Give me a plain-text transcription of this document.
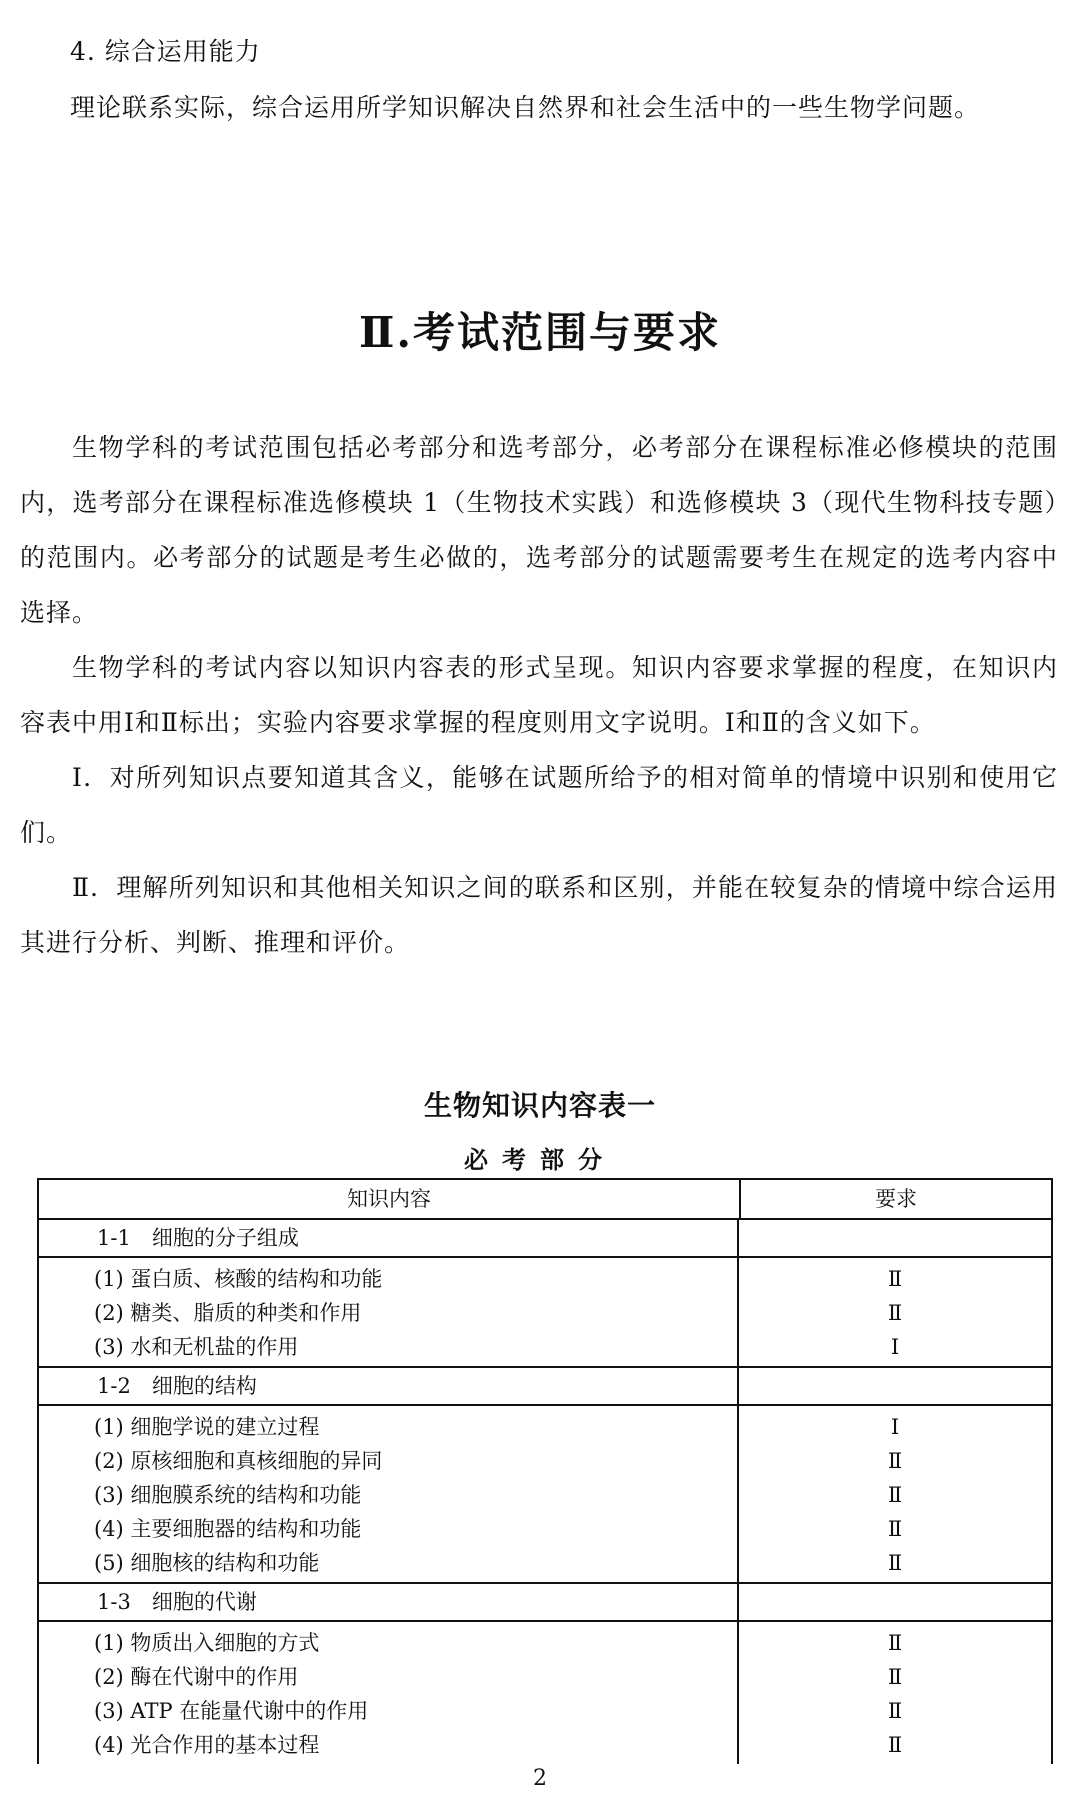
4. 综合运用能力
理论联系实际，综合运用所学知识解决自然界和社会生活中的一些生物学问题。
Ⅱ.考试范围与要求

生物学科的考试范围包括必考部分和选考部分，必考部分在课程标准必修模块的范围内，选考部分在课程标准选修模块 1（生物技术实践）和选修模块 3（现代生物科技专题）的范围内。必考部分的试题是考生必做的，选考部分的试题需要考生在规定的选考内容中选择。

生物学科的考试内容以知识内容表的形式呈现。知识内容要求掌握的程度，在知识内容表中用Ⅰ和Ⅱ标出；实验内容要求掌握的程度则用文字说明。Ⅰ和Ⅱ的含义如下。

Ⅰ．对所列知识点要知道其含义，能够在试题所给予的相对简单的情境中识别和使用它们。

Ⅱ．理解所列知识和其他相关知识之间的联系和区别，并能在较复杂的情境中综合运用其进行分析、判断、推理和评价。

生物知识内容表一
必考部分
知识内容	要求
1-1　细胞的分子组成
(1) 蛋白质、核酸的结构和功能
(2) 糖类、脂质的种类和作用
(3) 水和无机盐的作用
Ⅱ
Ⅱ
Ⅰ
1-2　细胞的结构
(1) 细胞学说的建立过程
(2) 原核细胞和真核细胞的异同
(3) 细胞膜系统的结构和功能
(4) 主要细胞器的结构和功能
(5) 细胞核的结构和功能
Ⅰ
Ⅱ
Ⅱ
Ⅱ
Ⅱ
1-3　细胞的代谢
(1) 物质出入细胞的方式
(2) 酶在代谢中的作用
(3) ATP 在能量代谢中的作用
(4) 光合作用的基本过程
Ⅱ
Ⅱ
Ⅱ
Ⅱ
2
